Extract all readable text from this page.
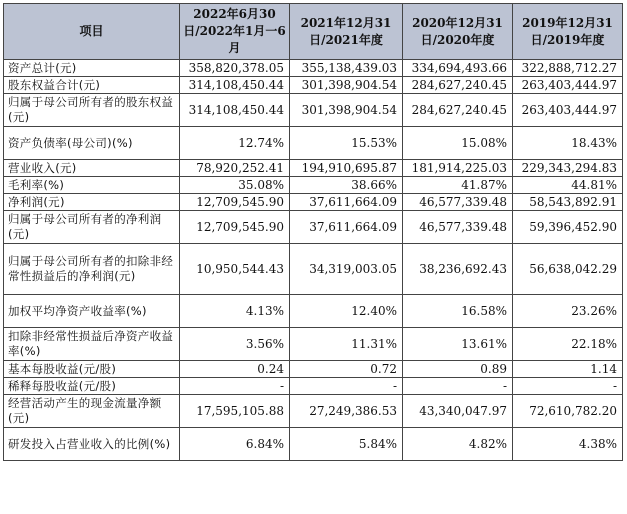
项目	2022年6月30日/2022年1月一6月	2021年12月31日/2021年度	2020年12月31日/2020年度	2019年12月31日/2019年度
资产总计(元)	358,820,378.05	355,138,439.03	334,694,493.66	322,888,712.27
股东权益合计(元)	314,108,450.44	301,398,904.54	284,627,240.45	263,403,444.97
归属于母公司所有者的股东权益(元)	314,108,450.44	301,398,904.54	284,627,240.45	263,403,444.97
资产负债率(母公司)(%)	12.74%	15.53%	15.08%	18.43%
营业收入(元)	78,920,252.41	194,910,695.87	181,914,225.03	229,343,294.83
毛利率(%)	35.08%	38.66%	41.87%	44.81%
净利润(元)	12,709,545.90	37,611,664.09	46,577,339.48	58,543,892.91
归属于母公司所有者的净利润(元)	12,709,545.90	37,611,664.09	46,577,339.48	59,396,452.90
归属于母公司所有者的扣除非经常性损益后的净利润(元)	10,950,544.43	34,319,003.05	38,236,692.43	56,638,042.29
加权平均净资产收益率(%)	4.13%	12.40%	16.58%	23.26%
扣除非经常性损益后净资产收益率(%)	3.56%	11.31%	13.61%	22.18%
基本每股收益(元/股)	0.24	0.72	0.89	1.14
稀释每股收益(元/股)	-	-	-	-
经营活动产生的现金流量净额(元)	17,595,105.88	27,249,386.53	43,340,047.97	72,610,782.20
研发投入占营业收入的比例(%)	6.84%	5.84%	4.82%	4.38%
